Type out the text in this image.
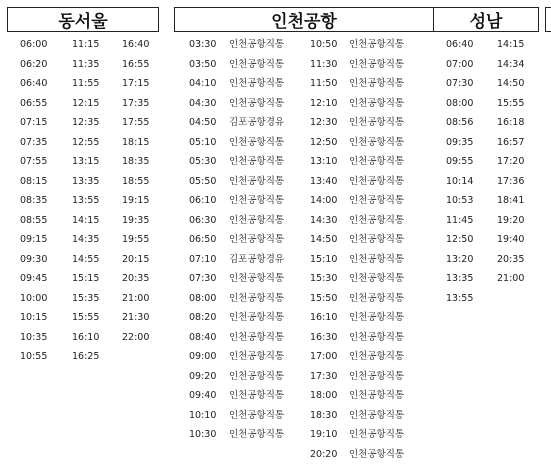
동서울	인천공항	성남
06:00
06:20
06:40
06:55
07:15
07:35
07:55
08:15
08:35
08:55
09:15
09:30
09:45
10:00
10:15
10:35
10:55
11:15
11:35
11:55
12:15
12:35
12:55
13:15
13:35
13:55
14:15
14:35
14:55
15:15
15:35
15:55
16:10
16:25
16:40
16:55
17:15
17:35
17:55
18:15
18:35
18:55
19:15
19:35
19:55
20:15
20:35
21:00
21:30
22:00
03:30
03:50
04:10
04:30
04:50
05:10
05:30
05:50
06:10
06:30
06:50
07:10
07:30
08:00
08:20
08:40
09:00
09:20
09:40
10:10
10:30
인천공항직통
인천공항직통
인천공항직통
인천공항직통
김포공항경유
인천공항직통
인천공항직통
인천공항직통
인천공항직통
인천공항직통
인천공항직통
김포공항경유
인천공항직통
인천공항직통
인천공항직통
인천공항직통
인천공항직통
인천공항직통
인천공항직통
인천공항직통
인천공항직통
10:50
11:30
11:50
12:10
12:30
12:50
13:10
13:40
14:00
14:30
14:50
15:10
15:30
15:50
16:10
16:30
17:00
17:30
18:00
18:30
19:10
20:20
인천공항직통
인천공항직통
인천공항직통
인천공항직통
인천공항직통
인천공항직통
인천공항직통
인천공항직통
인천공항직통
인천공항직통
인천공항직통
인천공항직통
인천공항직통
인천공항직통
인천공항직통
인천공항직통
인천공항직통
인천공항직통
인천공항직통
인천공항직통
인천공항직통
인천공항직통
06:40
07:00
07:30
08:00
08:56
09:35
09:55
10:14
10:53
11:45
12:50
13:20
13:35
13:55
14:15
14:34
14:50
15:55
16:18
16:57
17:20
17:36
18:41
19:20
19:40
20:35
21:00
